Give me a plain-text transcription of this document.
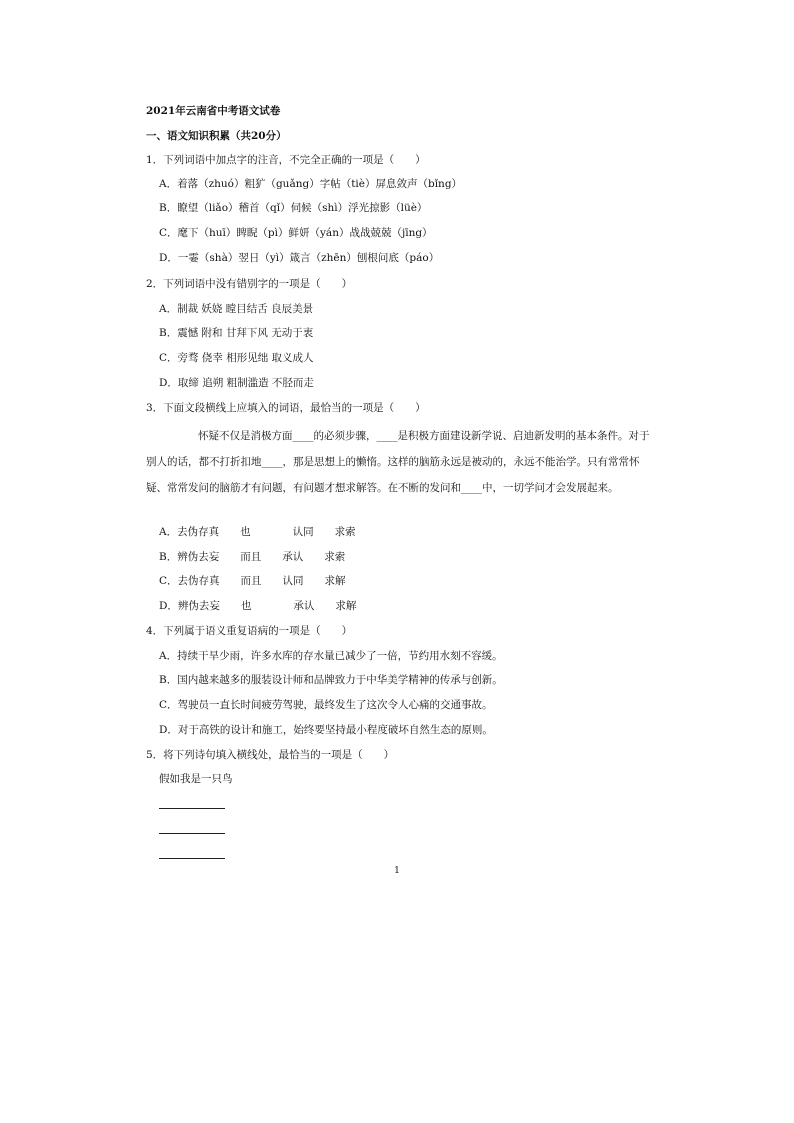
2021年云南省中考语文试卷
一、语文知识积累（共20分）
1．下列词语中加点字的注音，不完全正确的一项是（　　）
A．着落（zhuó）粗犷（guǎng）字帖（tiè）屏息敛声（bǐng）
B．瞭望（liǎo）稽首（qǐ）伺候（shì）浮光掠影（lüè）
C．麾下（huī）睥睨（pì）鲜妍（yán）战战兢兢（jīng）
D．一霎（shà）翌日（yì）箴言（zhēn）刨根问底（páo）
2．下列词语中没有错别字的一项是（　　）
A．制裁 妖娆 瞠目结舌 良辰美景
B．震憾 附和 甘拜下风 无动于衷
C．旁骛 侥幸 相形见绌 取义成人
D．取缔 追朔 粗制滥造 不胫而走
3．下面文段横线上应填入的词语，最恰当的一项是（　　）
怀疑不仅是消极方面____的必须步骤，____是积极方面建设新学说、启迪新发明的基本条件。对于别人的话，都不打折扣地____，那是思想上的懒惰。这样的脑筋永远是被动的，永远不能治学。只有常常怀疑、常常发问的脑筋才有问题，有问题才想求解答。在不断的发问和____中，一切学问才会发展起来。
A．去伪存真　　也　　　　认同　　求索
B．辨伪去妄　　而且　　承认　　求索
C．去伪存真　　而且　　认同　　求解
D．辨伪去妄　　也　　　　承认　　求解
4．下列属于语义重复语病的一项是（　　）
A．持续干旱少雨，许多水库的存水量已减少了一倍，节约用水刻不容缓。
B．国内越来越多的服装设计师和品牌致力于中华美学精神的传承与创新。
C．驾驶员一直长时间疲劳驾驶，最终发生了这次令人心痛的交通事故。
D．对于高铁的设计和施工，始终要坚持最小程度破坏自然生态的原则。
5．将下列诗句填入横线处，最恰当的一项是（　　）
假如我是一只鸟
1
